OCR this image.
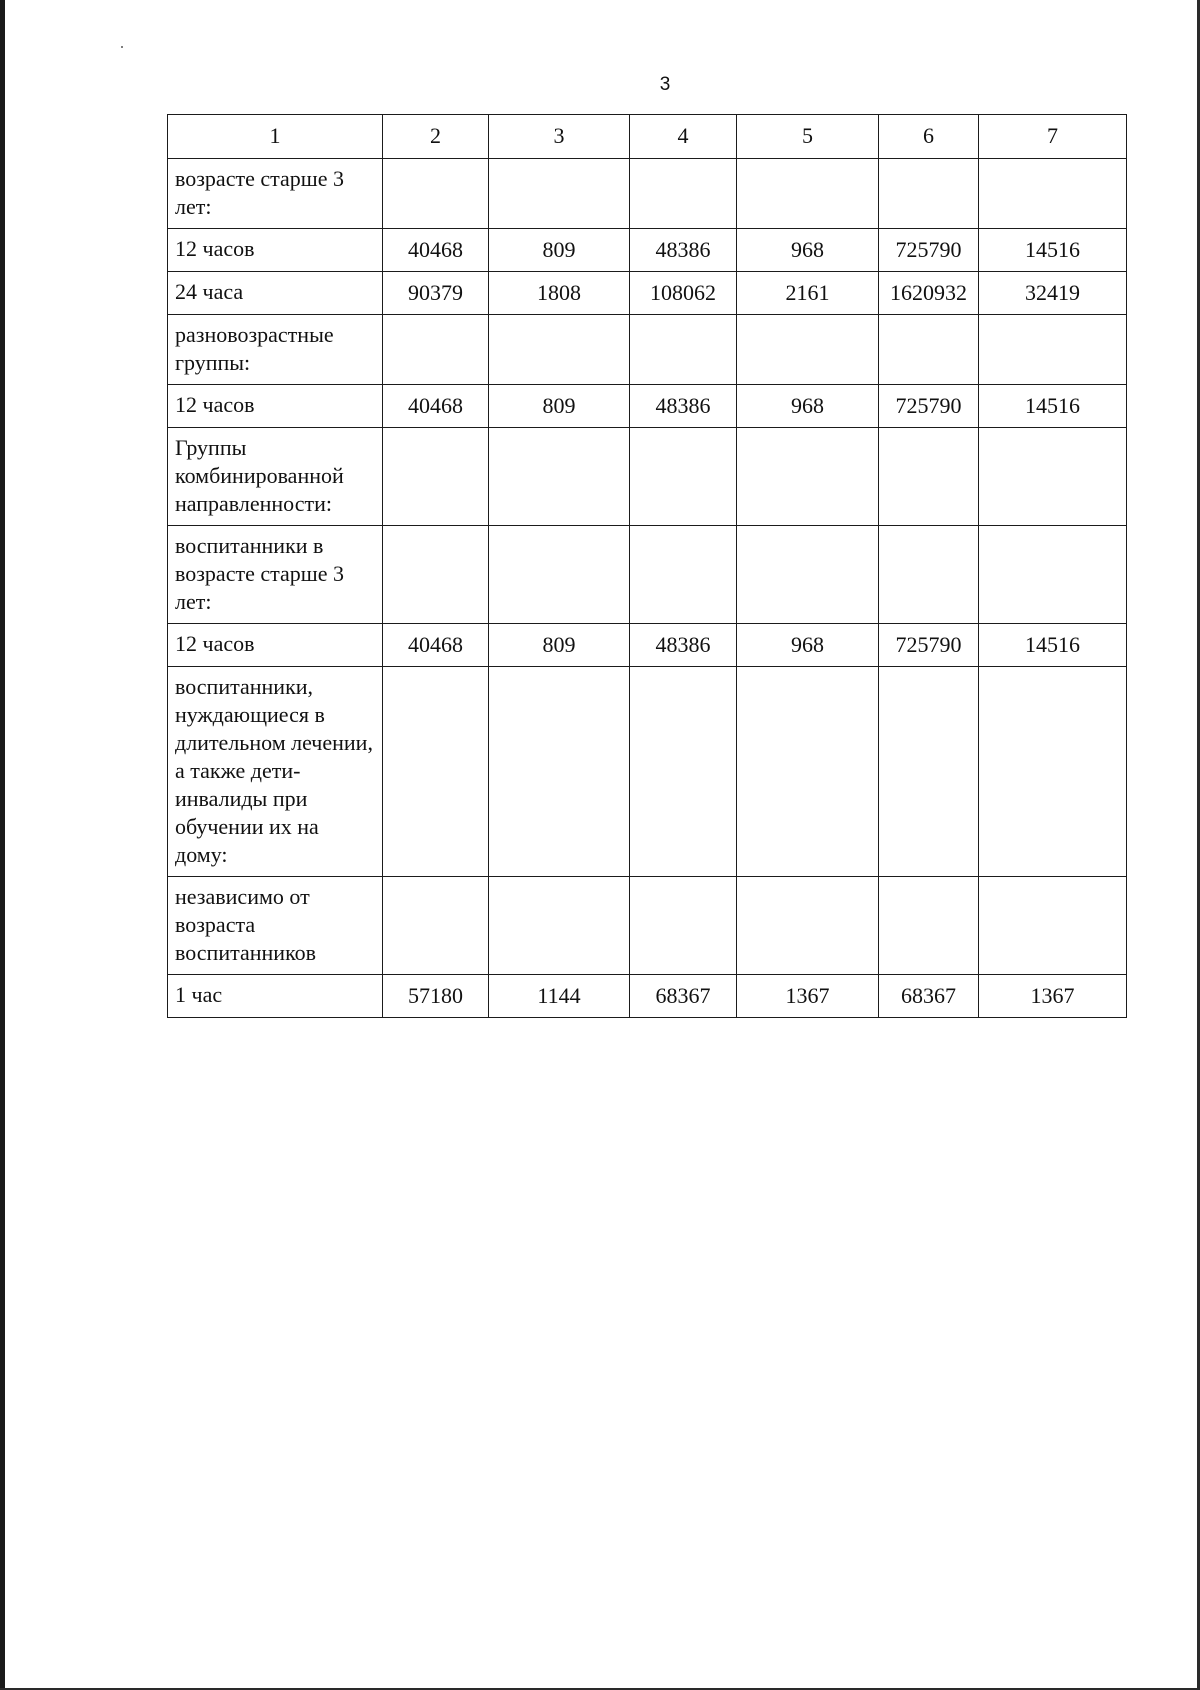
3
1	2	3	4	5	6	7
возрасте старше 3 лет:						
12 часов	40468	809	48386	968	725790	14516
24 часа	90379	1808	108062	2161	1620932	32419
разновозрастные группы:						
12 часов	40468	809	48386	968	725790	14516
Группы комбинированной направленности:						
воспитанники в возрасте старше 3 лет:						
12 часов	40468	809	48386	968	725790	14516
воспитанники, нуждающиеся в длительном лечении, а также дети-инвалиды при обучении их на дому:						
независимо от возраста воспитанников						
1 час	57180	1144	68367	1367	68367	1367
